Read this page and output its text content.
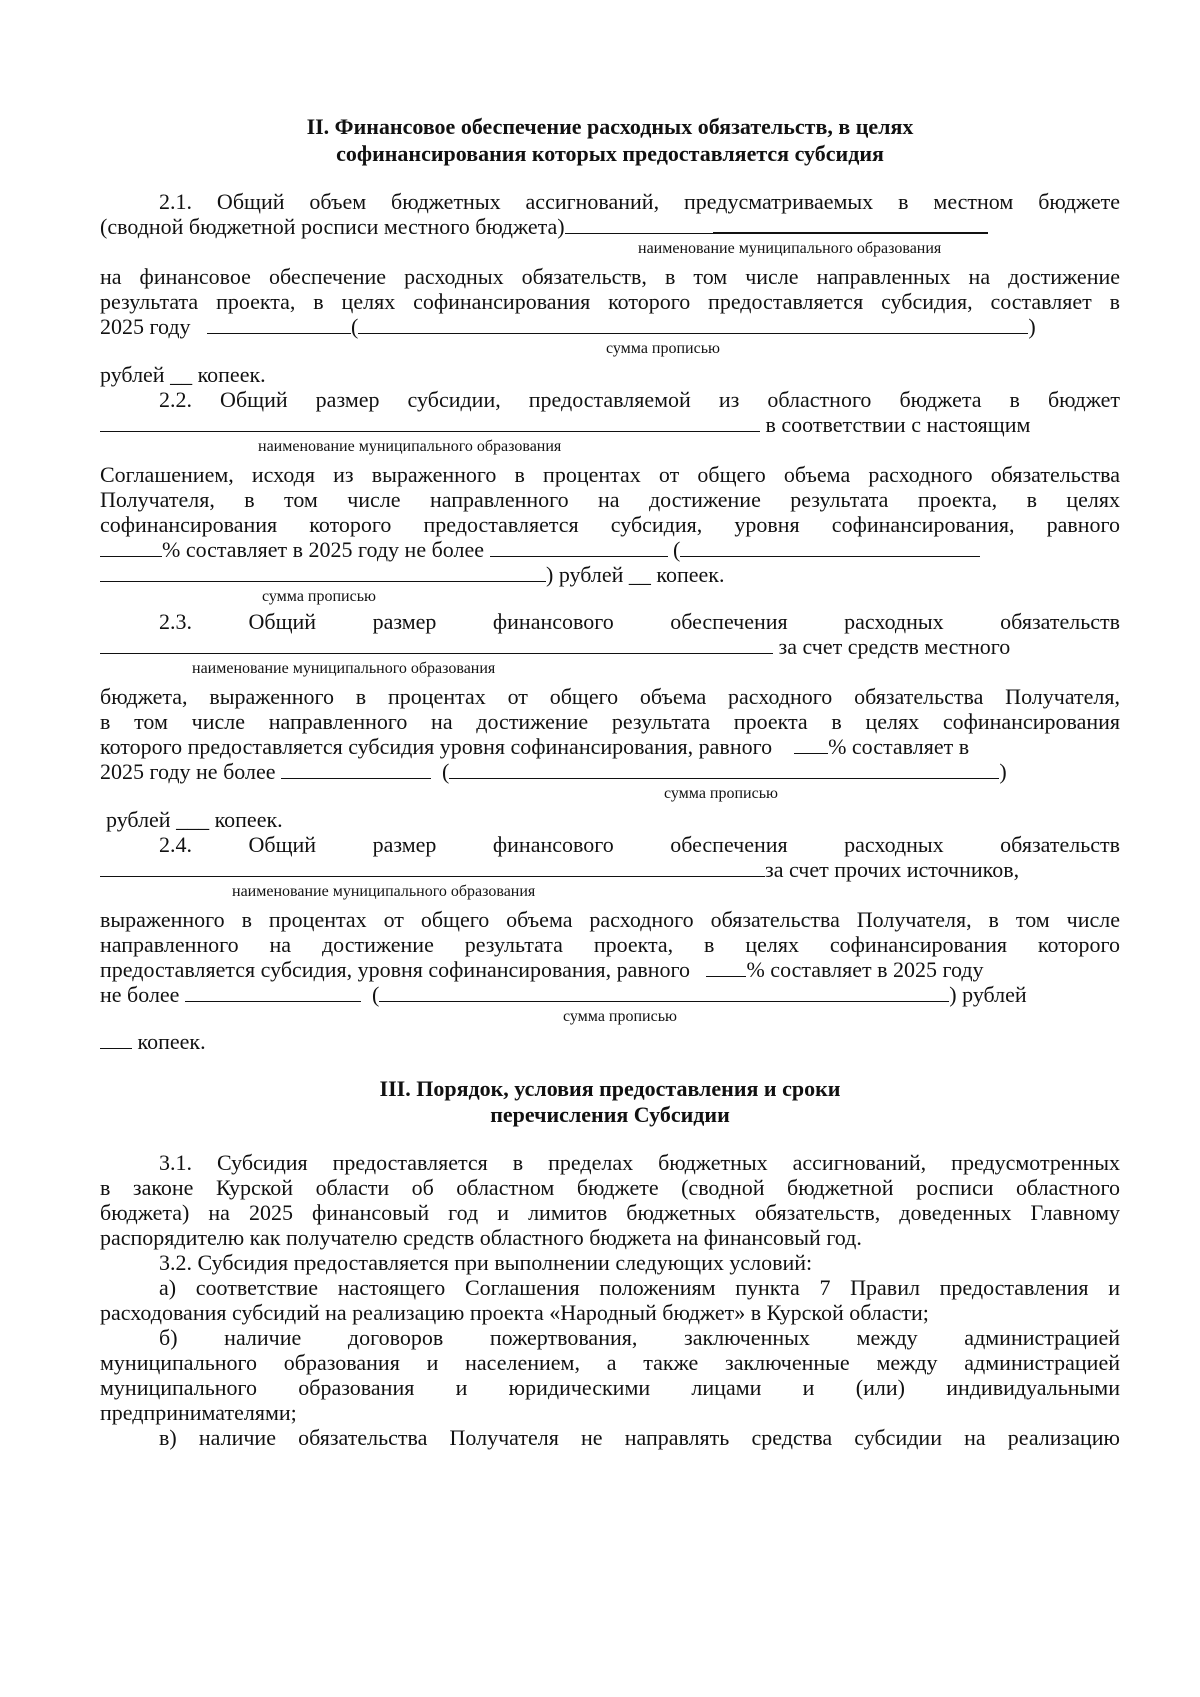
II. Финансовое обеспечение расходных обязательств, в целях
софинансирования которых предоставляется субсидия
2.1. Общий объем бюджетных ассигнований, предусматриваемых в местном бюджете
(сводной бюджетной росписи местного бюджета)
наименование муниципального образования
на финансовое обеспечение расходных обязательств, в том числе направленных на достижение
результата проекта, в целях софинансирования которого предоставляется субсидия, составляет в
2025 году	(	)
сумма прописью
рублей __ копеек.
2.2. Общий размер субсидии, предоставляемой из областного бюджета в бюджет
в соответствии с настоящим
наименование муниципального образования
Соглашением, исходя из выраженного в процентах от общего объема расходного обязательства
Получателя, в том числе направленного на достижение результата проекта, в целях
софинансирования которого предоставляется субсидия, уровня софинансирования, равного
% составляет в 2025 году не более	(
) рублей __ копеек.
сумма прописью
2.3. Общий размер финансового обеспечения расходных обязательств
за счет средств местного
наименование муниципального образования
бюджета, выраженного в процентах от общего объема расходного обязательства Получателя,
в том числе направленного на достижение результата проекта в целях софинансирования
которого предоставляется субсидия уровня софинансирования, равного	% составляет в
2025 году не более	(	)
сумма прописью
рублей ___ копеек.
2.4. Общий размер финансового обеспечения расходных обязательств
за счет прочих источников,
наименование муниципального образования
выраженного в процентах от общего объема расходного обязательства Получателя, в том числе
направленного на достижение результата проекта, в целях софинансирования которого
предоставляется субсидия, уровня софинансирования, равного	% составляет в 2025 году
не более	(	) рублей
сумма прописью
копеек.
III. Порядок, условия предоставления и сроки
перечисления Субсидии
3.1. Субсидия предоставляется в пределах бюджетных ассигнований, предусмотренных
в законе Курской области об областном бюджете (сводной бюджетной росписи областного
бюджета) на 2025 финансовый год и лимитов бюджетных обязательств, доведенных Главному
распорядителю как получателю средств областного бюджета на финансовый год.
3.2. Субсидия предоставляется при выполнении следующих условий:
а) соответствие настоящего Соглашения положениям пункта 7 Правил предоставления и
расходования субсидий на реализацию проекта «Народный бюджет» в Курской области;
б) наличие договоров пожертвования, заключенных между администрацией
муниципального образования и населением, а также заключенные между администрацией
муниципального образования и юридическими лицами и (или) индивидуальными
предпринимателями;
в) наличие обязательства Получателя не направлять средства субсидии на реализацию
